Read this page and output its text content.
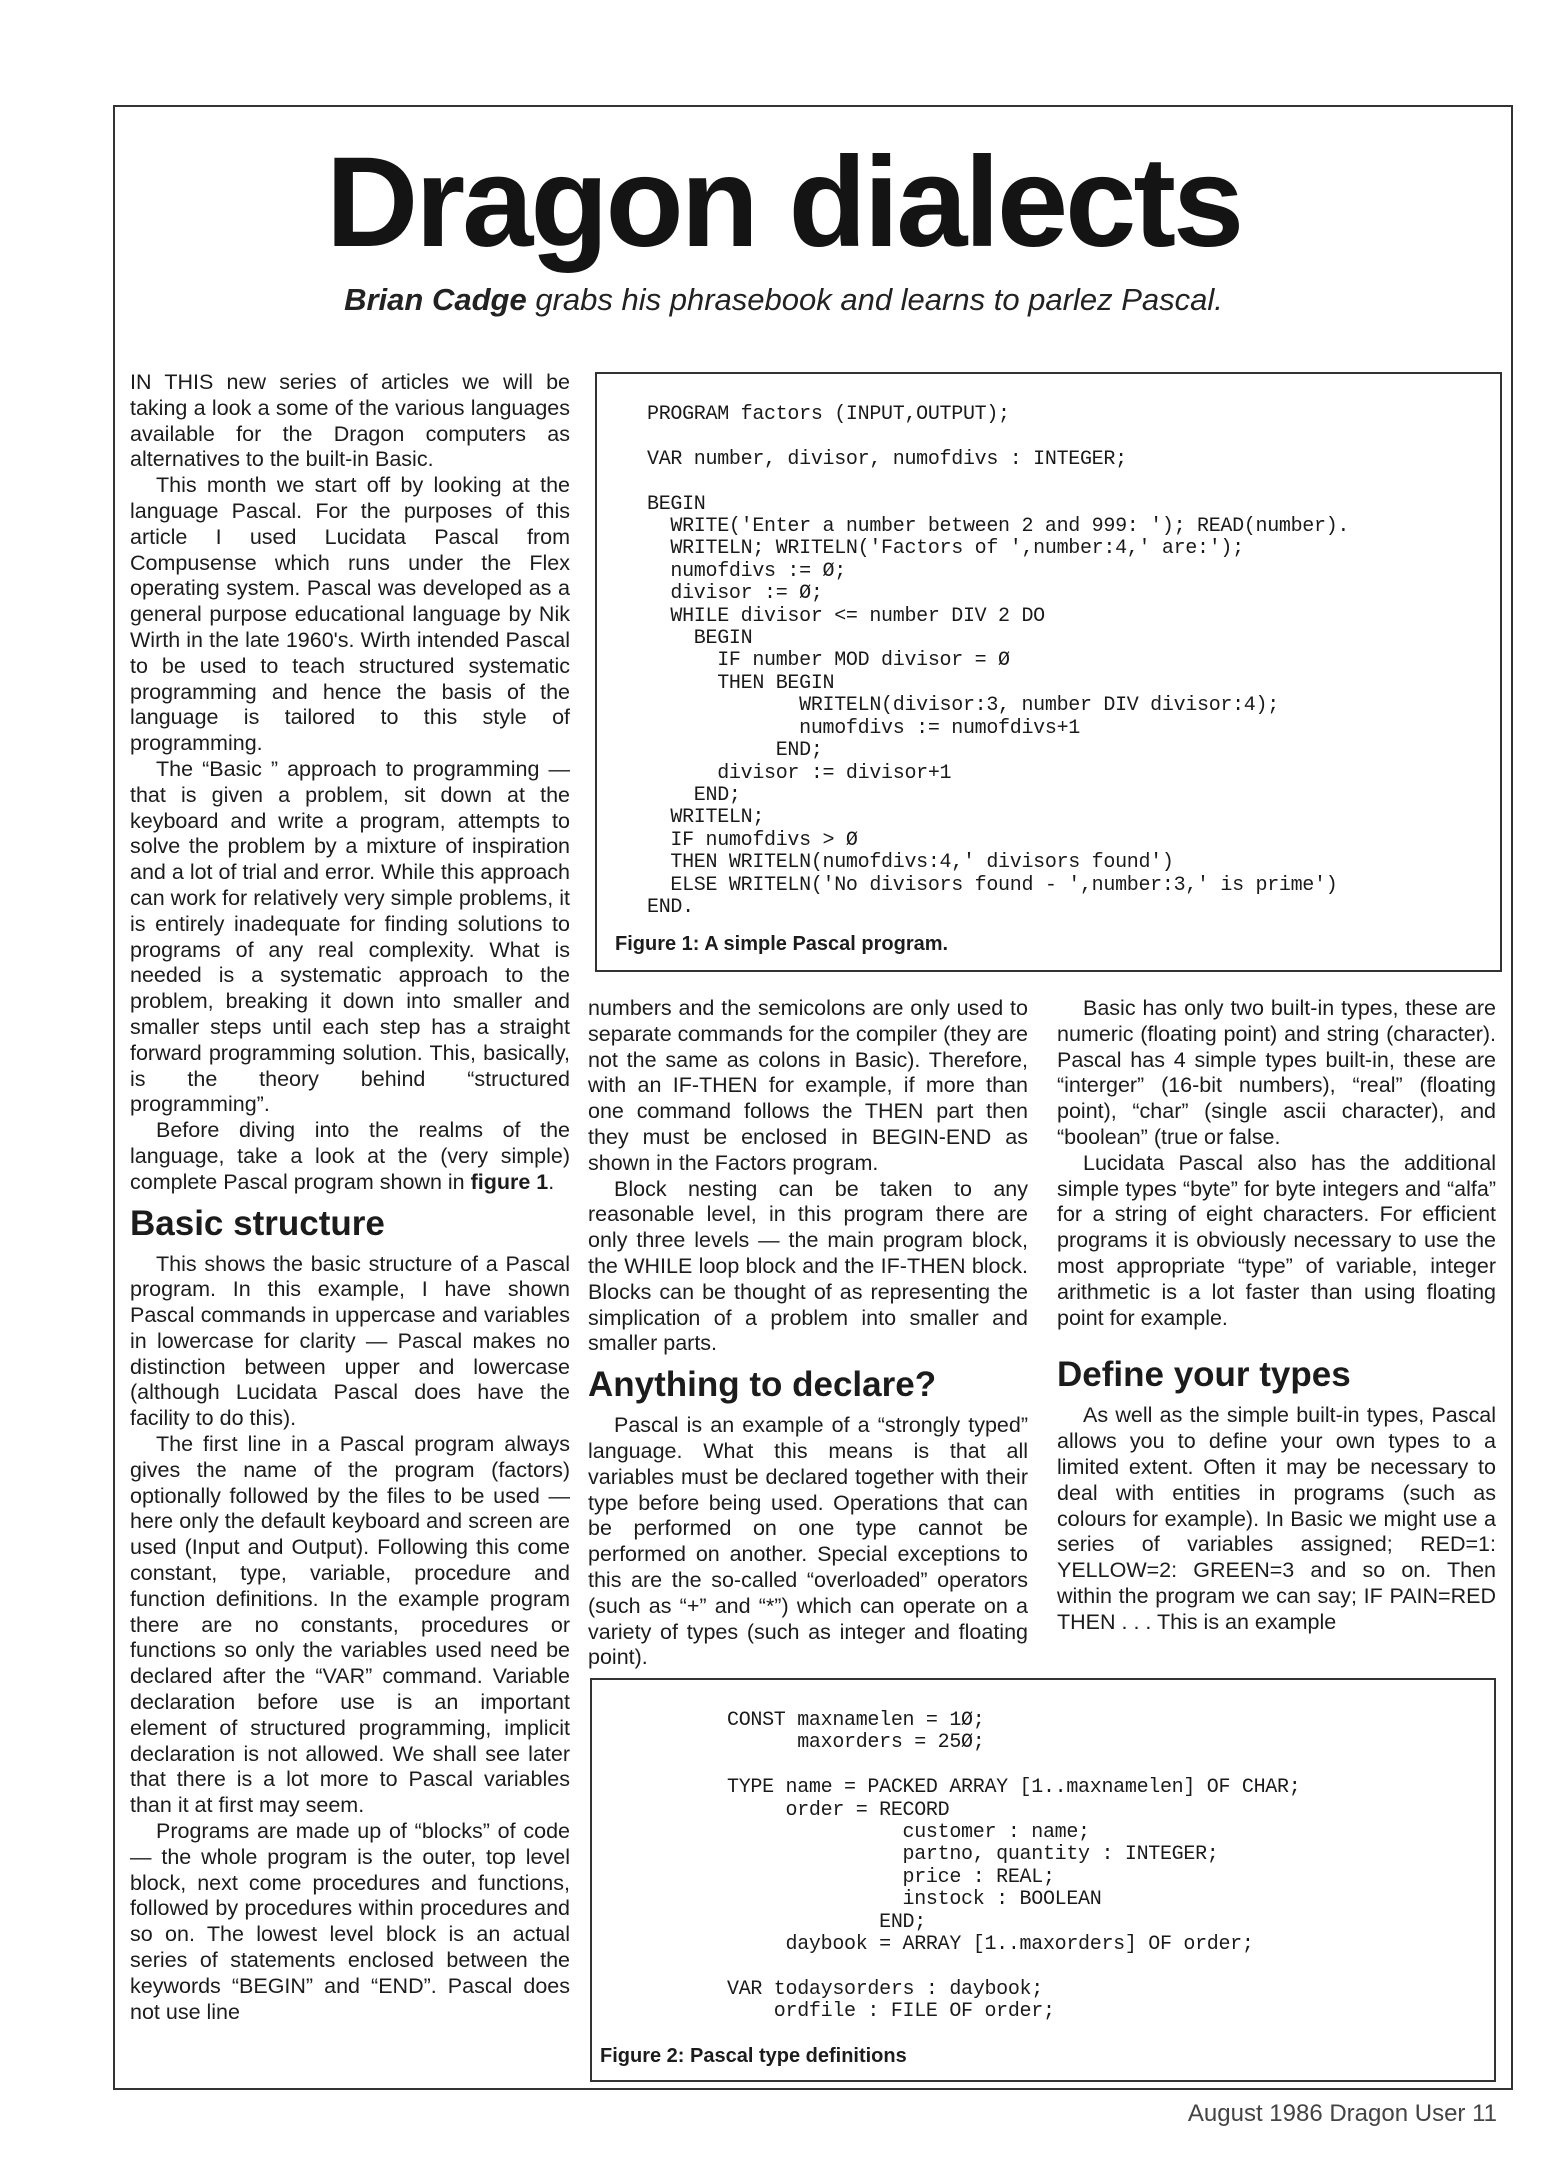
Dragon dialects
Brian Cadge grabs his phrasebook and learns to parlez Pascal.

IN THIS new series of articles we will be taking a look a some of the various languages available for the Dragon computers as alternatives to the built-in Basic.

This month we start off by looking at the language Pascal. For the purposes of this article I used Lucidata Pascal from Compusense which runs under the Flex operating system. Pascal was developed as a general purpose educational language by Nik Wirth in the late 1960's. Wirth intended Pascal to be used to teach structured systematic programming and hence the basis of the language is tailored to this style of programming.

The “Basic ” approach to programming — that is given a problem, sit down at the keyboard and write a program, attempts to solve the problem by a mixture of inspiration and a lot of trial and error. While this approach can work for relatively very simple problems, it is entirely inadequate for finding solutions to programs of any real complexity. What is needed is a systematic approach to the problem, breaking it down into smaller and smaller steps until each step has a straight forward programming solution. This, basically, is the theory behind “structured programming”.

Before diving into the realms of the language, take a look at the (very simple) complete Pascal program shown in figure 1.

Basic structure

This shows the basic structure of a Pascal program. In this example, I have shown Pascal commands in uppercase and variables in lowercase for clarity — Pascal makes no distinction between upper and lowercase (although Lucidata Pascal does have the facility to do this).

The first line in a Pascal program always gives the name of the program (factors) optionally followed by the files to be used — here only the default keyboard and screen are used (Input and Output). Following this come constant, type, variable, procedure and function definitions. In the example program there are no constants, procedures or functions so only the variables used need be declared after the “VAR” command. Variable declaration before use is an important element of structured programming, implicit declaration is not allowed. We shall see later that there is a lot more to Pascal variables than it at first may seem.

Programs are made up of “blocks” of code — the whole program is the outer, top level block, next come procedures and functions, followed by procedures within procedures and so on. The lowest level block is an actual series of statements enclosed between the keywords “BEGIN” and “END”. Pascal does not use line

PROGRAM factors (INPUT,OUTPUT);

VAR number, divisor, numofdivs : INTEGER;

BEGIN
WRITE('Enter a number between 2 and 999: '); READ(number).
WRITELN; WRITELN('Factors of ',number:4,' are:');
numofdivs := Ø;
divisor := Ø;
WHILE divisor <= number DIV 2 DO
BEGIN
IF number MOD divisor = Ø
THEN BEGIN
WRITELN(divisor:3, number DIV divisor:4);
numofdivs := numofdivs+1
END;
divisor := divisor+1
END;
WRITELN;
IF numofdivs > Ø
THEN WRITELN(numofdivs:4,' divisors found')
ELSE WRITELN('No divisors found - ',number:3,' is prime')
END.
Figure 1: A simple Pascal program.

numbers and the semicolons are only used to separate commands for the compiler (they are not the same as colons in Basic). Therefore, with an IF-THEN for example, if more than one command follows the THEN part then they must be enclosed in BEGIN-END as shown in the Factors program.

Block nesting can be taken to any reasonable level, in this program there are only three levels — the main program block, the WHILE loop block and the IF-THEN block. Blocks can be thought of as representing the simplication of a problem into smaller and smaller parts.

Anything to declare?

Pascal is an example of a “strongly typed” language. What this means is that all variables must be declared together with their type before being used. Operations that can be performed on one type cannot be performed on another. Special exceptions to this are the so-called “overloaded” operators (such as “+” and “*”) which can operate on a variety of types (such as integer and floating point).

Basic has only two built-in types, these are numeric (floating point) and string (character). Pascal has 4 simple types built-in, these are “interger” (16-bit numbers), “real” (floating point), “char” (single ascii character), and “boolean” (true or false.

Lucidata Pascal also has the additional simple types “byte” for byte integers and “alfa” for a string of eight characters. For efficient programs it is obviously necessary to use the most appropriate “type” of variable, integer arithmetic is a lot faster than using floating point for example.

Define your types

As well as the simple built-in types, Pascal allows you to define your own types to a limited extent. Often it may be necessary to deal with entities in programs (such as colours for example). In Basic we might use a series of variables assigned; RED=1: YELLOW=2: GREEN=3 and so on. Then within the program we can say; IF PAIN=RED THEN . . . This is an example

CONST maxnamelen = 1Ø;
maxorders = 25Ø;

TYPE name = PACKED ARRAY [1..maxnamelen] OF CHAR;
order = RECORD
customer : name;
partno, quantity : INTEGER;
price : REAL;
instock : BOOLEAN
END;
daybook = ARRAY [1..maxorders] OF order;

VAR todaysorders : daybook;
ordfile : FILE OF order;
Figure 2: Pascal type definitions
August 1986 Dragon User 11
